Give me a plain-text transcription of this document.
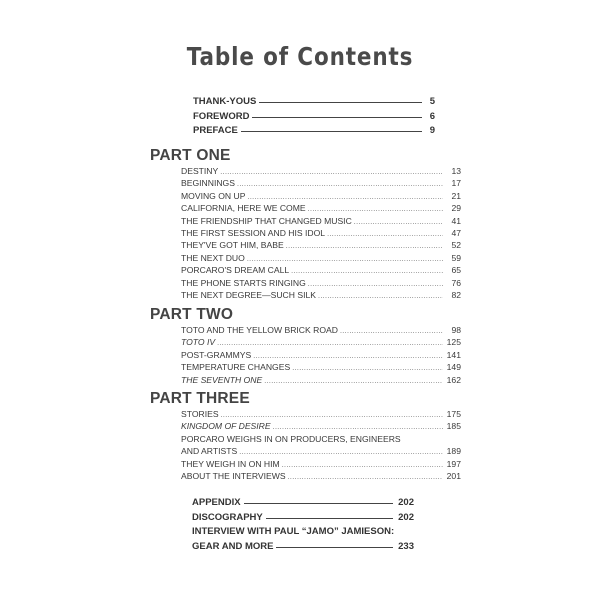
Table of Contents
THANK-YOUS	5
FOREWORD	6
PREFACE	9
PART ONE
DESTINY .....	13
BEGINNINGS .....	17
MOVING ON UP .....	21
CALIFORNIA, HERE WE COME .....	29
THE FRIENDSHIP THAT CHANGED MUSIC .....	41
THE FIRST SESSION AND HIS IDOL .....	47
THEY'VE GOT HIM, BABE .....	52
THE NEXT DUO .....	59
PORCARO'S DREAM CALL .....	65
THE PHONE STARTS RINGING .....	76
THE NEXT DEGREE—SUCH SILK .....	82
PART TWO
TOTO AND THE YELLOW BRICK ROAD .....	98
TOTO IV .....	125
POST-GRAMMYS .....	141
TEMPERATURE CHANGES .....	149
THE SEVENTH ONE .....	162
PART THREE
STORIES .....	175
KINGDOM OF DESIRE .....	185
PORCARO WEIGHS IN ON PRODUCERS, ENGINEERS
AND ARTISTS .....	189
THEY WEIGH IN ON HIM .....	197
ABOUT THE INTERVIEWS .....	201
APPENDIX	202
DISCOGRAPHY	202
INTERVIEW WITH PAUL “JAMO” JAMIESON:
GEAR AND MORE	233
